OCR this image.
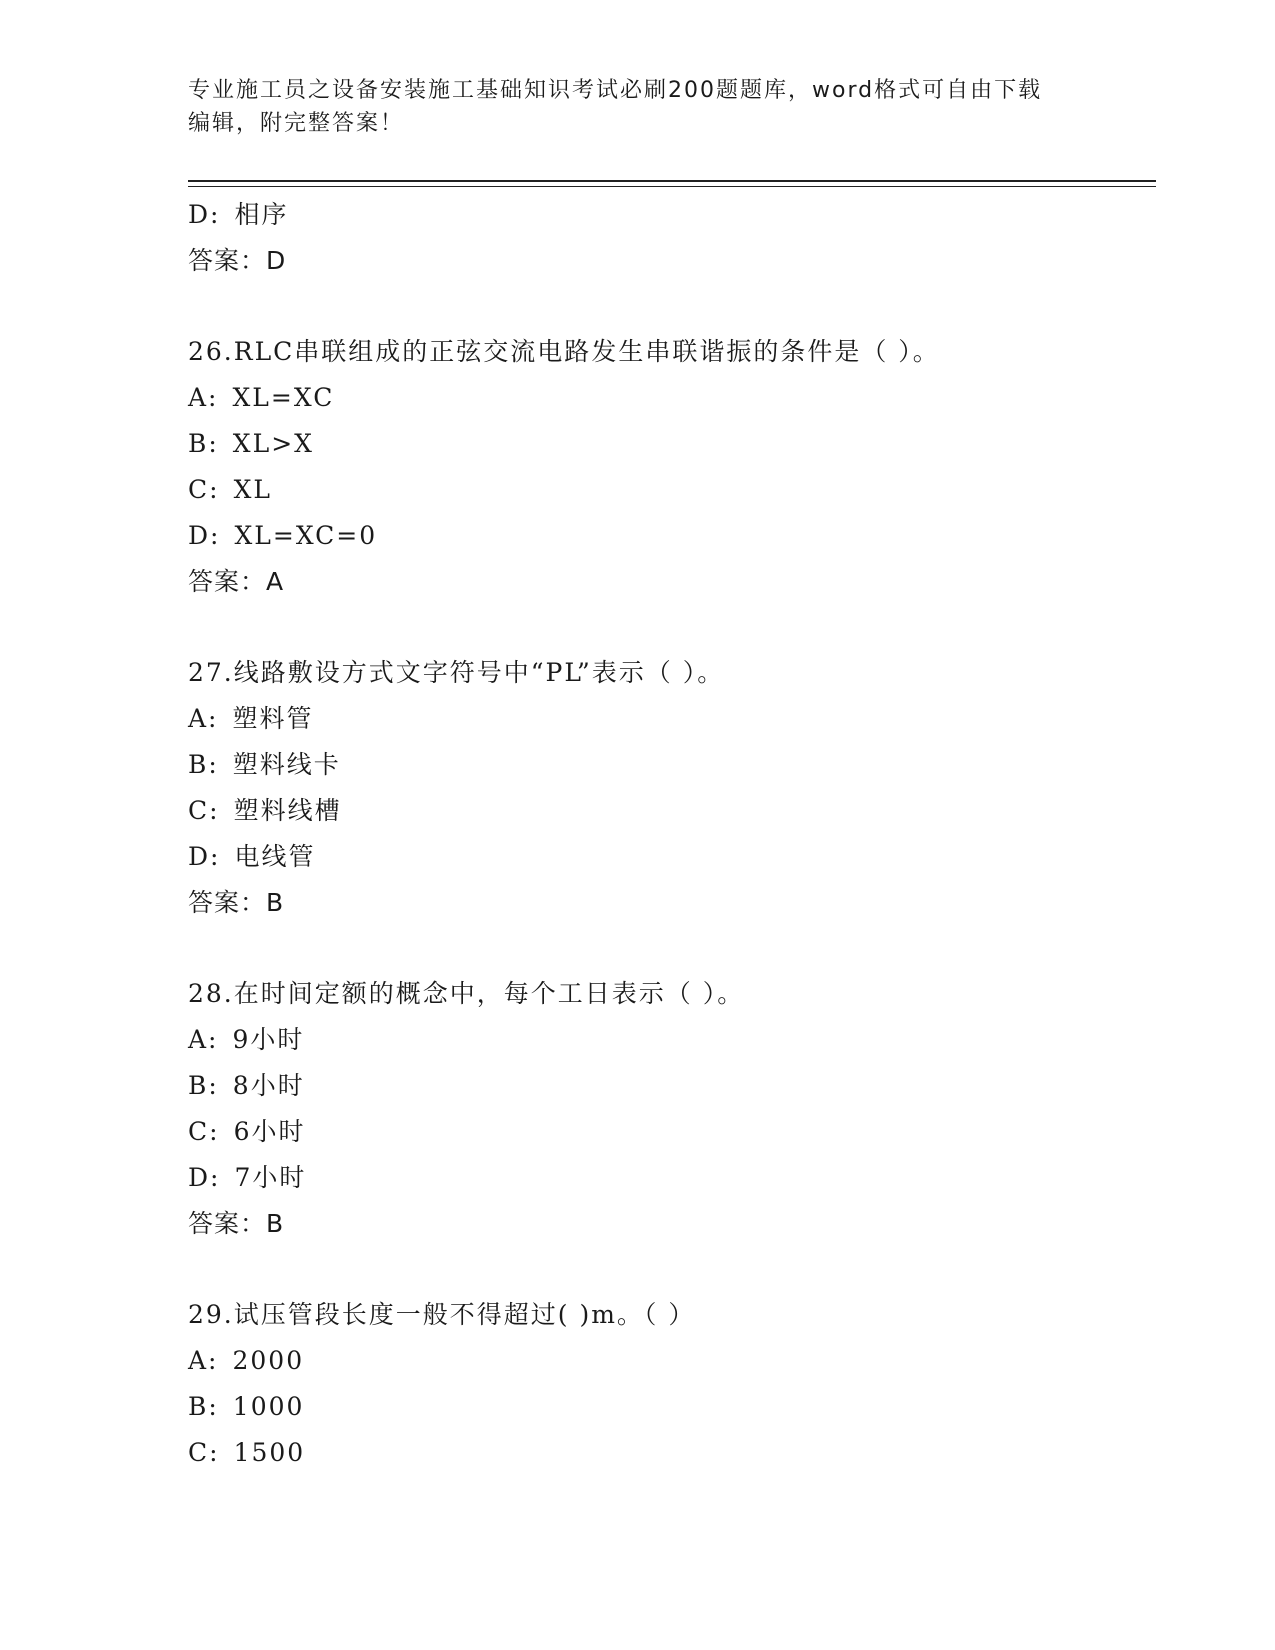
专业施工员之设备安装施工基础知识考试必刷200题题库，word格式可自由下载
编辑，附完整答案！
D: 相序
答案：D
26.RLC串联组成的正弦交流电路发生串联谐振的条件是（ ）。
A: XL=XC
B: XL>X
C: XL
D: XL=XC=0
答案：A
27.线路敷设方式文字符号中“PL”表示（ ）。
A: 塑料管
B: 塑料线卡
C: 塑料线槽
D: 电线管
答案：B
28.在时间定额的概念中，每个工日表示（ ）。
A: 9小时
B: 8小时
C: 6小时
D: 7小时
答案：B
29.试压管段长度一般不得超过( )m。（ ）
A: 2000
B: 1000
C: 1500
